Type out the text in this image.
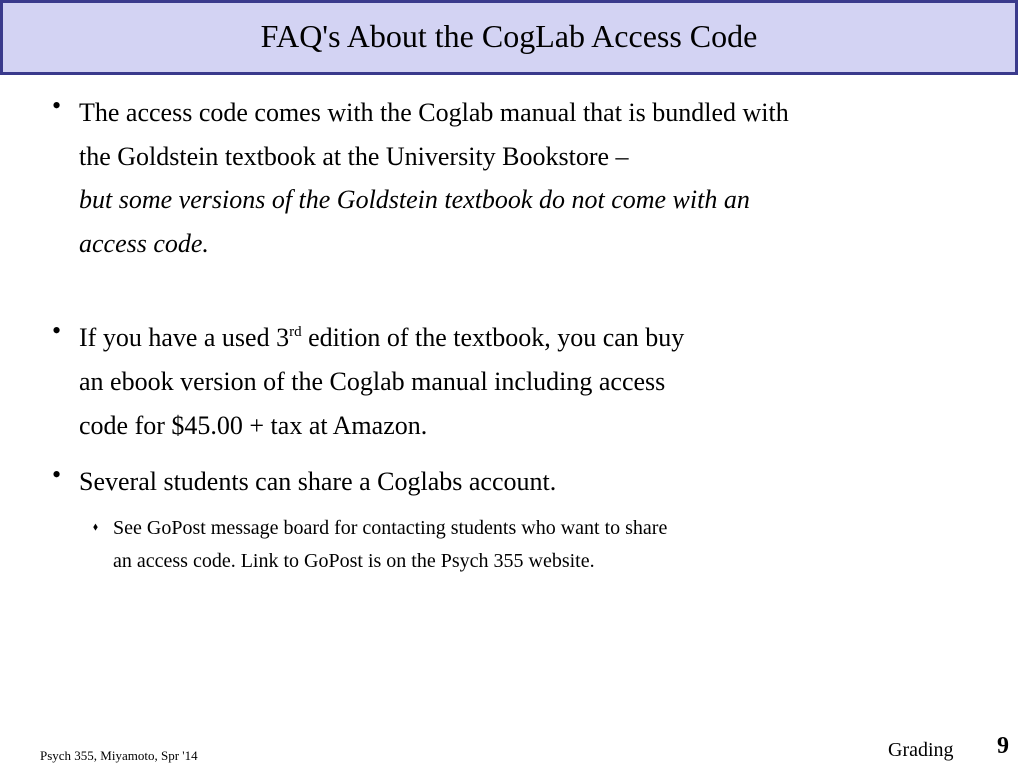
FAQ's About the CogLab Access Code
• The access code comes with the Coglab manual that is bundled with
the Goldstein textbook at the University Bookstore –
but some versions of the Goldstein textbook do not come with an
access code.
• If you have a used 3rd edition of the textbook, you can buy
an ebook version of the Coglab manual including access
code for $45.00 + tax at Amazon.
• Several students can share a Coglabs account.
⬧ See GoPost message board for contacting students who want to share
an access code. Link to GoPost is on the Psych 355 website.
Psych 355, Miyamoto, Spr '14	Grading 9
